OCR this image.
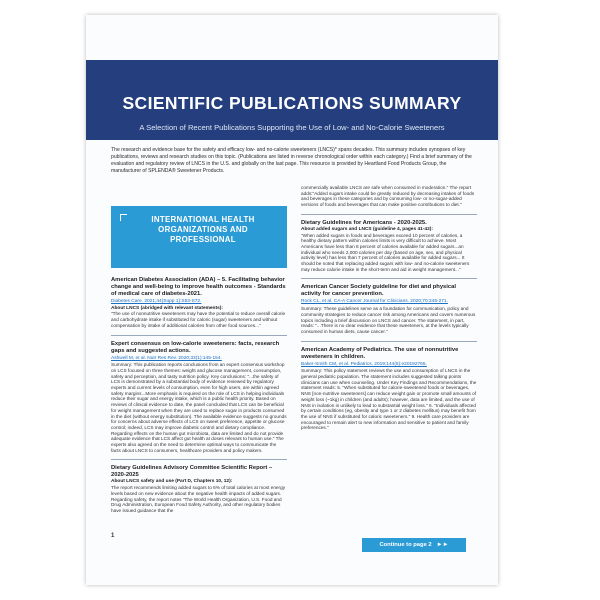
SCIENTIFIC PUBLICATIONS SUMMARY
A Selection of Recent Publications Supporting the Use of Low- and No-Calorie Sweeteners
The research and evidence base for the safety and efficacy low- and no-calorie sweeteners (LNCS)* spans decades. This summary includes synopses of key publications, reviews and research studies on this topic. (Publications are listed in reverse chronological order within each category.) Find a brief summary of the evaluation and regulatory review of LNCS in the U.S. and globally on the last page. This resource is provided by Heartland Food Products Group, the manufacturer of SPLENDA® Sweetener Products.
INTERNATIONAL HEALTH ORGANIZATIONS AND PROFESSIONAL
American Diabetes Association (ADA) – 5. Facilitating behavior change and well-being to improve health outcomes - Standards of medical care of diabetes-2021.
Diabetes Care. 2021;44(Supp 1):S53-S72.
About LNCS (abridged with relevant statements):
"The use of nonnutritive sweeteners may have the potential to reduce overall calorie and carbohydrate intake if substituted for caloric (sugar) sweeteners and without compensation by intake of additional calories from other food sources..."
Expert consensus on low-calorie sweeteners: facts, research gaps and suggested actions.
Ashwell M, et al. Nutr Res Rev. 2020;33(1):145-154.
Summary: This publication reports conclusions from an expert consensus workshop on LCS focused on three themes: weight and glucose management, consumption, safety and perception, and tasty nutrition policy. Key conclusions: "...the safety of LCS is demonstrated by a substantial body of evidence reviewed by regulatory experts and current levels of consumption, even for high users, are within agreed safety margins...More emphasis is required on the role of LCS in helping individuals reduce their sugar and energy intake, which is a public health priority. Based on reviews of clinical evidence to date, the panel concluded that LCS can be beneficial for weight management when they are used to replace sugar in products consumed in the diet (without energy substitution). The available evidence suggests no grounds for concerns about adverse effects of LCS on sweet preference, appetite or glucose control; indeed, LCS may improve diabetic control and dietary compliance. Regarding effects on the human gut microbiota, data are limited and do not provide adequate evidence that LCS affect gut health at doses relevant to human use." The experts also agreed on the need to determine optimal ways to communicate the facts about LNCS to consumers, healthcare providers and policy makers.
Dietary Guidelines Advisory Committee Scientific Report – 2020-2025
About LNCS safety and use (Part D, Chapters 10, 12):
The report recommends limiting added sugars to 6% of total calories at most energy levels based on new evidence about the negative health impacts of added sugars. Regarding safety, the report notes "The World Health Organization, U.S. Food and Drug Administration, European Food Safety Authority, and other regulatory bodies have issued guidance that the
commercially available LNCS are safe when consumed in moderation." The report adds:"Added sugars intake could be greatly reduced by decreasing intakes of foods and beverages in these categories and by consuming low- or no-sugar-added versions of foods and beverages that can make positive contributions to diet."
Dietary Guidelines for Americans - 2020-2025.
About added sugars and LNCS (guideline 4, pages 41-42):
"When added sugars in foods and beverages exceed 10 percent of calories, a healthy dietary pattern within calories limits is very difficult to achieve. Most Americans have less than 8 percent of calories available for added sugars...an individual who needs 2,000 calories per day (based on age, sex, and physical activity level) has less than 7 percent of calories available for added sugars... It should be noted that replacing added sugars with low- and no-calorie sweeteners may reduce calorie intake in the short-term and aid in weight management..."
American Cancer Society guideline for diet and physical activity for cancer prevention.
Rock CL, et al. CA-A Cancer Journal for Clinicians. 2020;70:245-271.
Summary: These guidelines serve as a foundation for communication, policy and community strategies to reduce cancer risk among Americans and covers numerous topics including a brief discussion on LNCS and cancer. The statement, in part, reads: "...There is no clear evidence that these sweeteners, at the levels typically consumed in human diets, cause cancer."
American Academy of Pediatrics. The use of nonnutritive sweeteners in children.
Baker-Smith CM, et al. Pediatrics. 2019;144(5):e20192765.
Summary: This policy statement reviews the use and consumption of LNCS in the general pediatric population. The statement includes suggested talking points clinicians can use when counseling. Under Key Findings and Recommendations, the statement reads: 5. "When substituted for calorie-sweetened foods or beverages, NNS [non-nutritive sweeteners] can reduce weight gain or promote small amounts of weight loss (~1kg) in children (and adults); however, data are limited, and the use of NNS in isolation is unlikely to lead to substantial weight loss." 6. "Individuals affected by certain conditions (eg, obesity and type 1 or 2 diabetes mellitus) may benefit from the use of NNS if substituted for caloric sweeteners." 9. Health care providers are encouraged to remain alert to new information and sensitive to patient and family preferences."
1
Continue to page 2 ►►
